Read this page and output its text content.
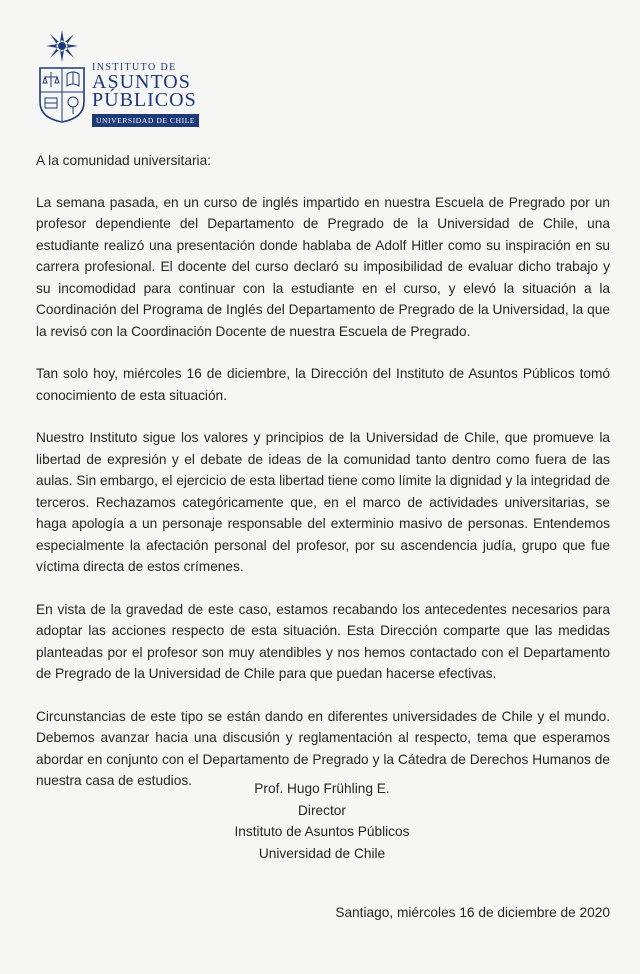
INSTITUTO DE
ASUNTOS
PÚBLICOS
UNIVERSIDAD DE CHILE

A la comunidad universitaria:

La semana pasada, en un curso de inglés impartido en nuestra Escuela de Pregrado por un profesor dependiente del Departamento de Pregrado de la Universidad de Chile, una estudiante realizó una presentación donde hablaba de Adolf Hitler como su inspiración en su carrera profesional. El docente del curso declaró su imposibilidad de evaluar dicho trabajo y su incomodidad para continuar con la estudiante en el curso, y elevó la situación a la Coordinación del Programa de Inglés del Departamento de Pregrado de la Universidad, la que la revisó con la Coordinación Docente de nuestra Escuela de Pregrado.

Tan solo hoy, miércoles 16 de diciembre, la Dirección del Instituto de Asuntos Públicos tomó conocimiento de esta situación.

Nuestro Instituto sigue los valores y principios de la Universidad de Chile, que promueve la libertad de expresión y el debate de ideas de la comunidad tanto dentro como fuera de las aulas. Sin embargo, el ejercicio de esta libertad tiene como límite la dignidad y la integridad de terceros. Rechazamos categóricamente que, en el marco de actividades universitarias, se haga apología a un personaje responsable del exterminio masivo de personas. Entendemos especialmente la afectación personal del profesor, por su ascendencia judía, grupo que fue víctima directa de estos crímenes.

En vista de la gravedad de este caso, estamos recabando los antecedentes necesarios para adoptar las acciones respecto de esta situación. Esta Dirección comparte que las medidas planteadas por el profesor son muy atendibles y nos hemos contactado con el Departamento de Pregrado de la Universidad de Chile para que puedan hacerse efectivas.

Circunstancias de este tipo se están dando en diferentes universidades de Chile y el mundo. Debemos avanzar hacia una discusión y reglamentación al respecto, tema que esperamos abordar en conjunto con el Departamento de Pregrado y la Cátedra de Derechos Humanos de nuestra casa de estudios.

Prof. Hugo Frühling E.
Director
Instituto de Asuntos Públicos
Universidad de Chile
Santiago, miércoles 16 de diciembre de 2020
